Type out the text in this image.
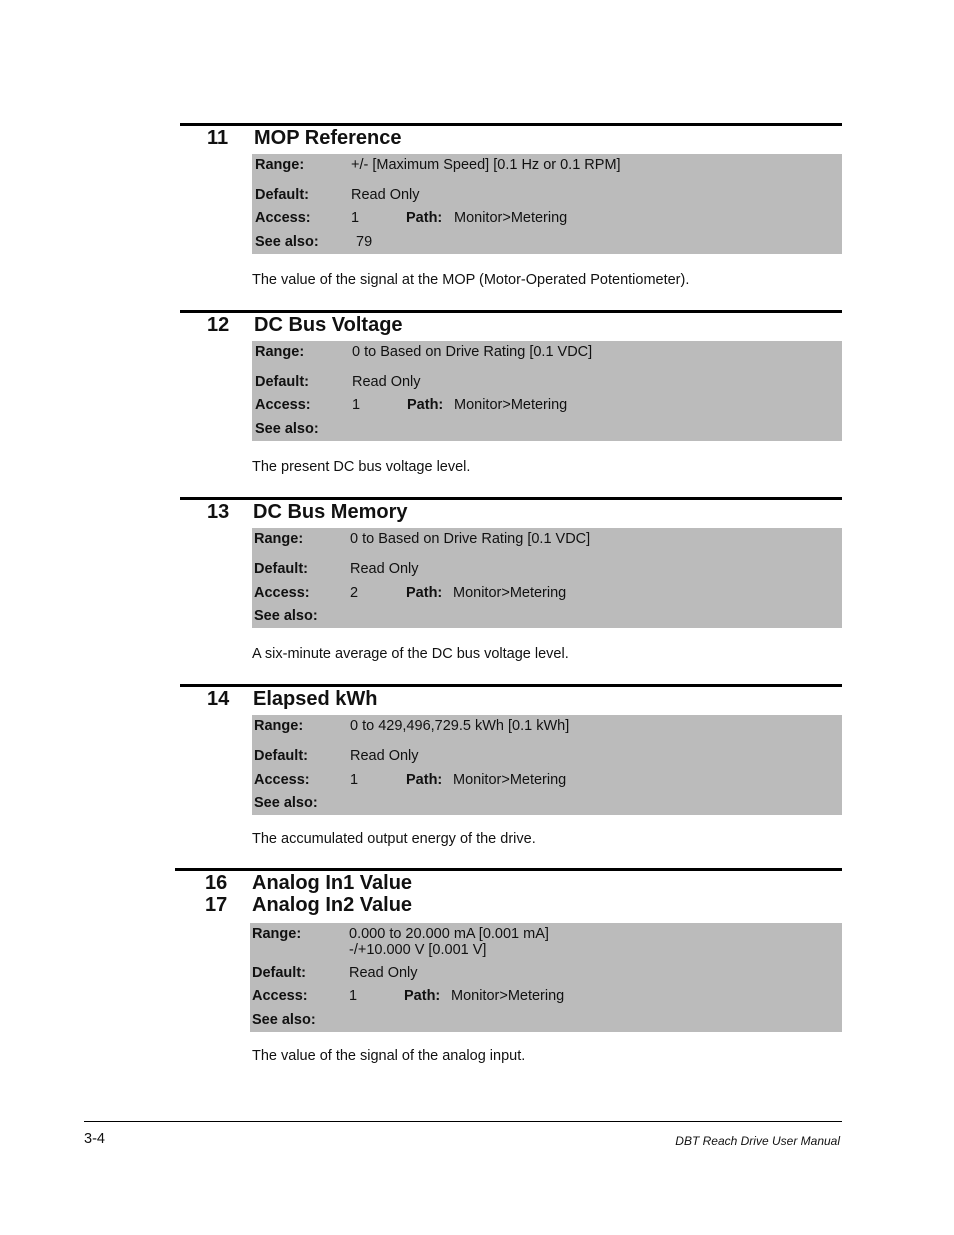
11 MOP Reference
Range:	+/- [Maximum Speed] [0.1 Hz or 0.1 RPM]
Default:	Read Only
Access:	1	Path: Monitor>Metering
See also:	79
The value of the signal at the MOP (Motor-Operated Potentiometer).
12 DC Bus Voltage
Range:	0 to Based on Drive Rating [0.1 VDC]
Default:	Read Only
Access:	1	Path: Monitor>Metering
See also:
The present DC bus voltage level.
13 DC Bus Memory
Range:	0 to Based on Drive Rating [0.1 VDC]
Default:	Read Only
Access:	2	Path: Monitor>Metering
See also:
A six-minute average of the DC bus voltage level.
14 Elapsed kWh
Range:	0 to 429,496,729.5 kWh [0.1 kWh]
Default:	Read Only
Access:	1	Path: Monitor>Metering
See also:
The accumulated output energy of the drive.
16 Analog In1 Value
17 Analog In2 Value
Range:	0.000 to 20.000 mA [0.001 mA]
-/+10.000 V [0.001 V]
Default:	Read Only
Access:	1	Path: Monitor>Metering
See also:
The value of the signal of the analog input.
3-4	DBT Reach Drive User Manual
